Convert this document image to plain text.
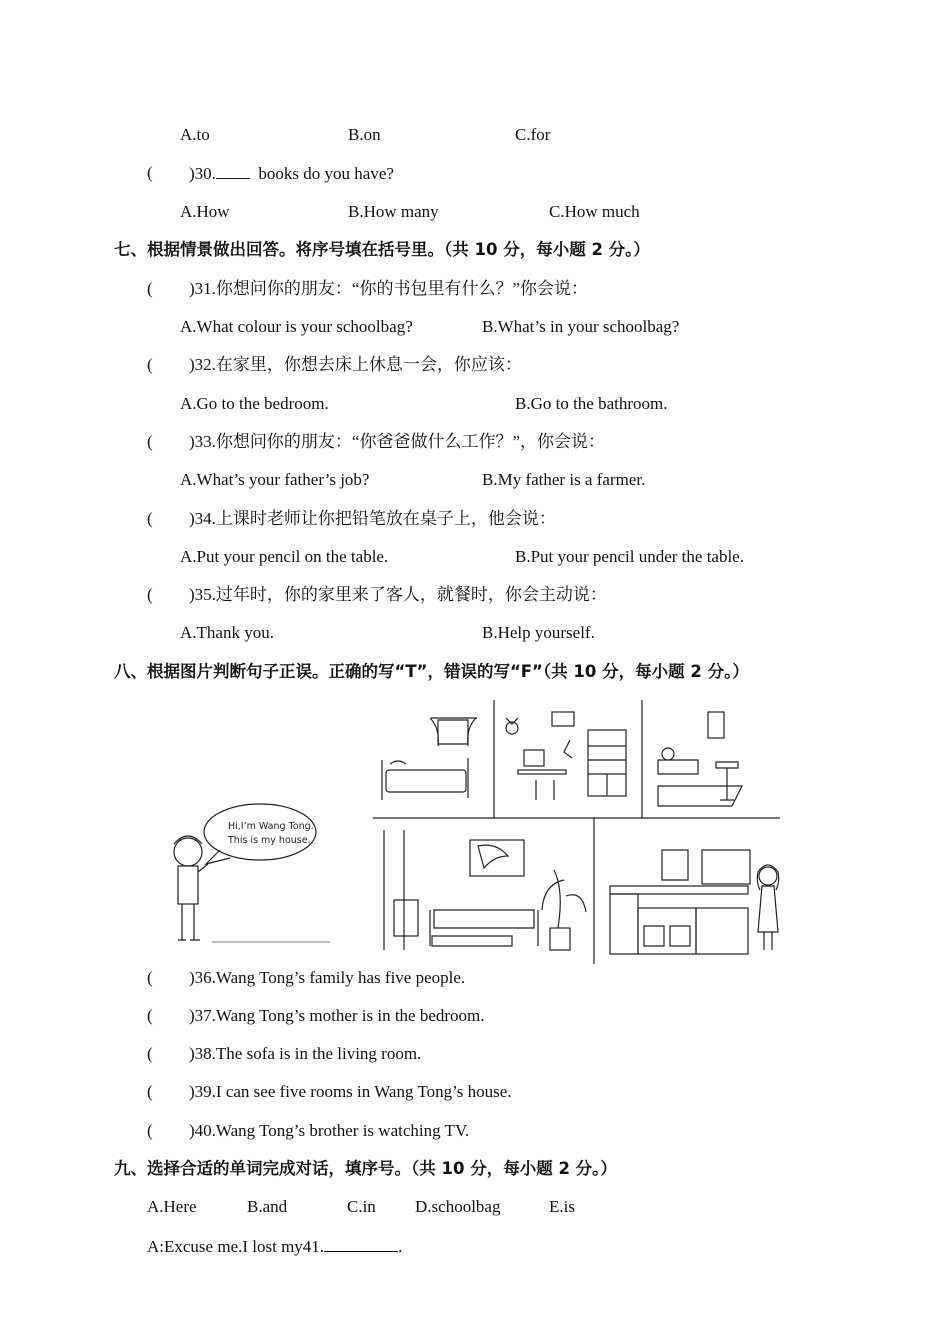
A.to	B.on	C.for
( )30.	books do you have?
A.How	B.How many	C.How much
七、根据情景做出回答。将序号填在括号里。（共 10 分，每小题 2 分。）
( )31.你想问你的朋友：“你的书包里有什么？”你会说：
A.What colour is your schoolbag?	B.What’s in your schoolbag?
( )32.在家里，你想去床上休息一会，你应该：
A.Go to the bedroom.	B.Go to the bathroom.
( )33.你想问你的朋友：“你爸爸做什么工作？”，你会说：
A.What’s your father’s job?	B.My father is a farmer.
( )34.上课时老师让你把铅笔放在桌子上，他会说：
A.Put your pencil on the table.	B.Put your pencil under the table.
( )35.过年时，你的家里来了客人，就餐时，你会主动说：
A.Thank you.	B.Help yourself.
八、根据图片判断句子正误。正确的写“T”，错误的写“F”（共 10 分，每小题 2 分。）
Hi,I’m Wang Tong.
This is my house.
( )36.Wang Tong’s family has five people.
( )37.Wang Tong’s mother is in the bedroom.
( )38.The sofa is in the living room.
( )39.I can see five rooms in Wang Tong’s house.
( )40.Wang Tong’s brother is watching TV.
九、选择合适的单词完成对话，填序号。（共 10 分，每小题 2 分。）
A.Here	B.and	C.in D.schoolbag	E.is
A:Excuse me.I lost my41.	.
